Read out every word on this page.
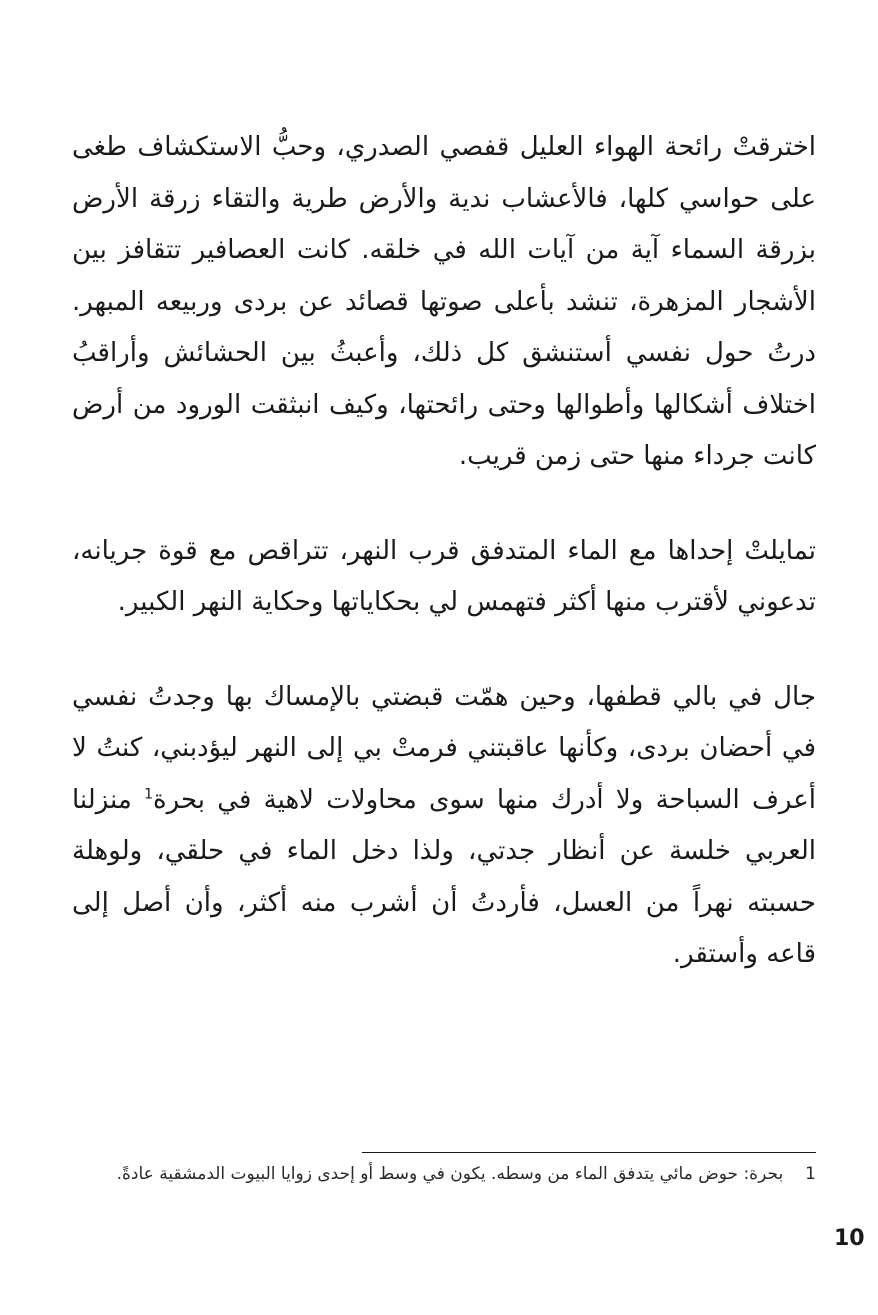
اخترقتْ رائحة الهواء العليل قفصي الصدري، وحبُّ الاستكشاف طغى على حواسي كلها، فالأعشاب ندية والأرض طرية والتقاء زرقة الأرض بزرقة السماء آية من آيات الله في خلقه. كانت العصافير تتقافز بين الأشجار المزهرة، تنشد بأعلى صوتها قصائد عن بردى وربيعه المبهر. درتُ حول نفسي أستنشق كل ذلك، وأعبثُ بين الحشائش وأراقبُ اختلاف أشكالها وأطوالها وحتى رائحتها، وكيف انبثقت الورود من أرض كانت جرداء منها حتى زمن قريب.

تمايلتْ إحداها مع الماء المتدفق قرب النهر، تتراقص مع قوة جريانه، تدعوني لأقترب منها أكثر فتهمس لي بحكاياتها وحكاية النهر الكبير.

جال في بالي قطفها، وحين همّت قبضتي بالإمساك بها وجدتُ نفسي في أحضان بردى، وكأنها عاقبتني فرمتْ بي إلى النهر ليؤدبني، كنتُ لا أعرف السباحة ولا أدرك منها سوى محاولات لاهية في بحرة$^1$ منزلنا العربي خلسة عن أنظار جدتي، ولذا دخل الماء في حلقي، ولوهلة حسبته نهراً من العسل، فأردتُ أن أشرب منه أكثر، وأن أصل إلى قاعه وأستقر.

1بحرة: حوض مائي يتدفق الماء من وسطه. يكون في وسط أو إحدى زوايا البيوت الدمشقية عادةً.
10
